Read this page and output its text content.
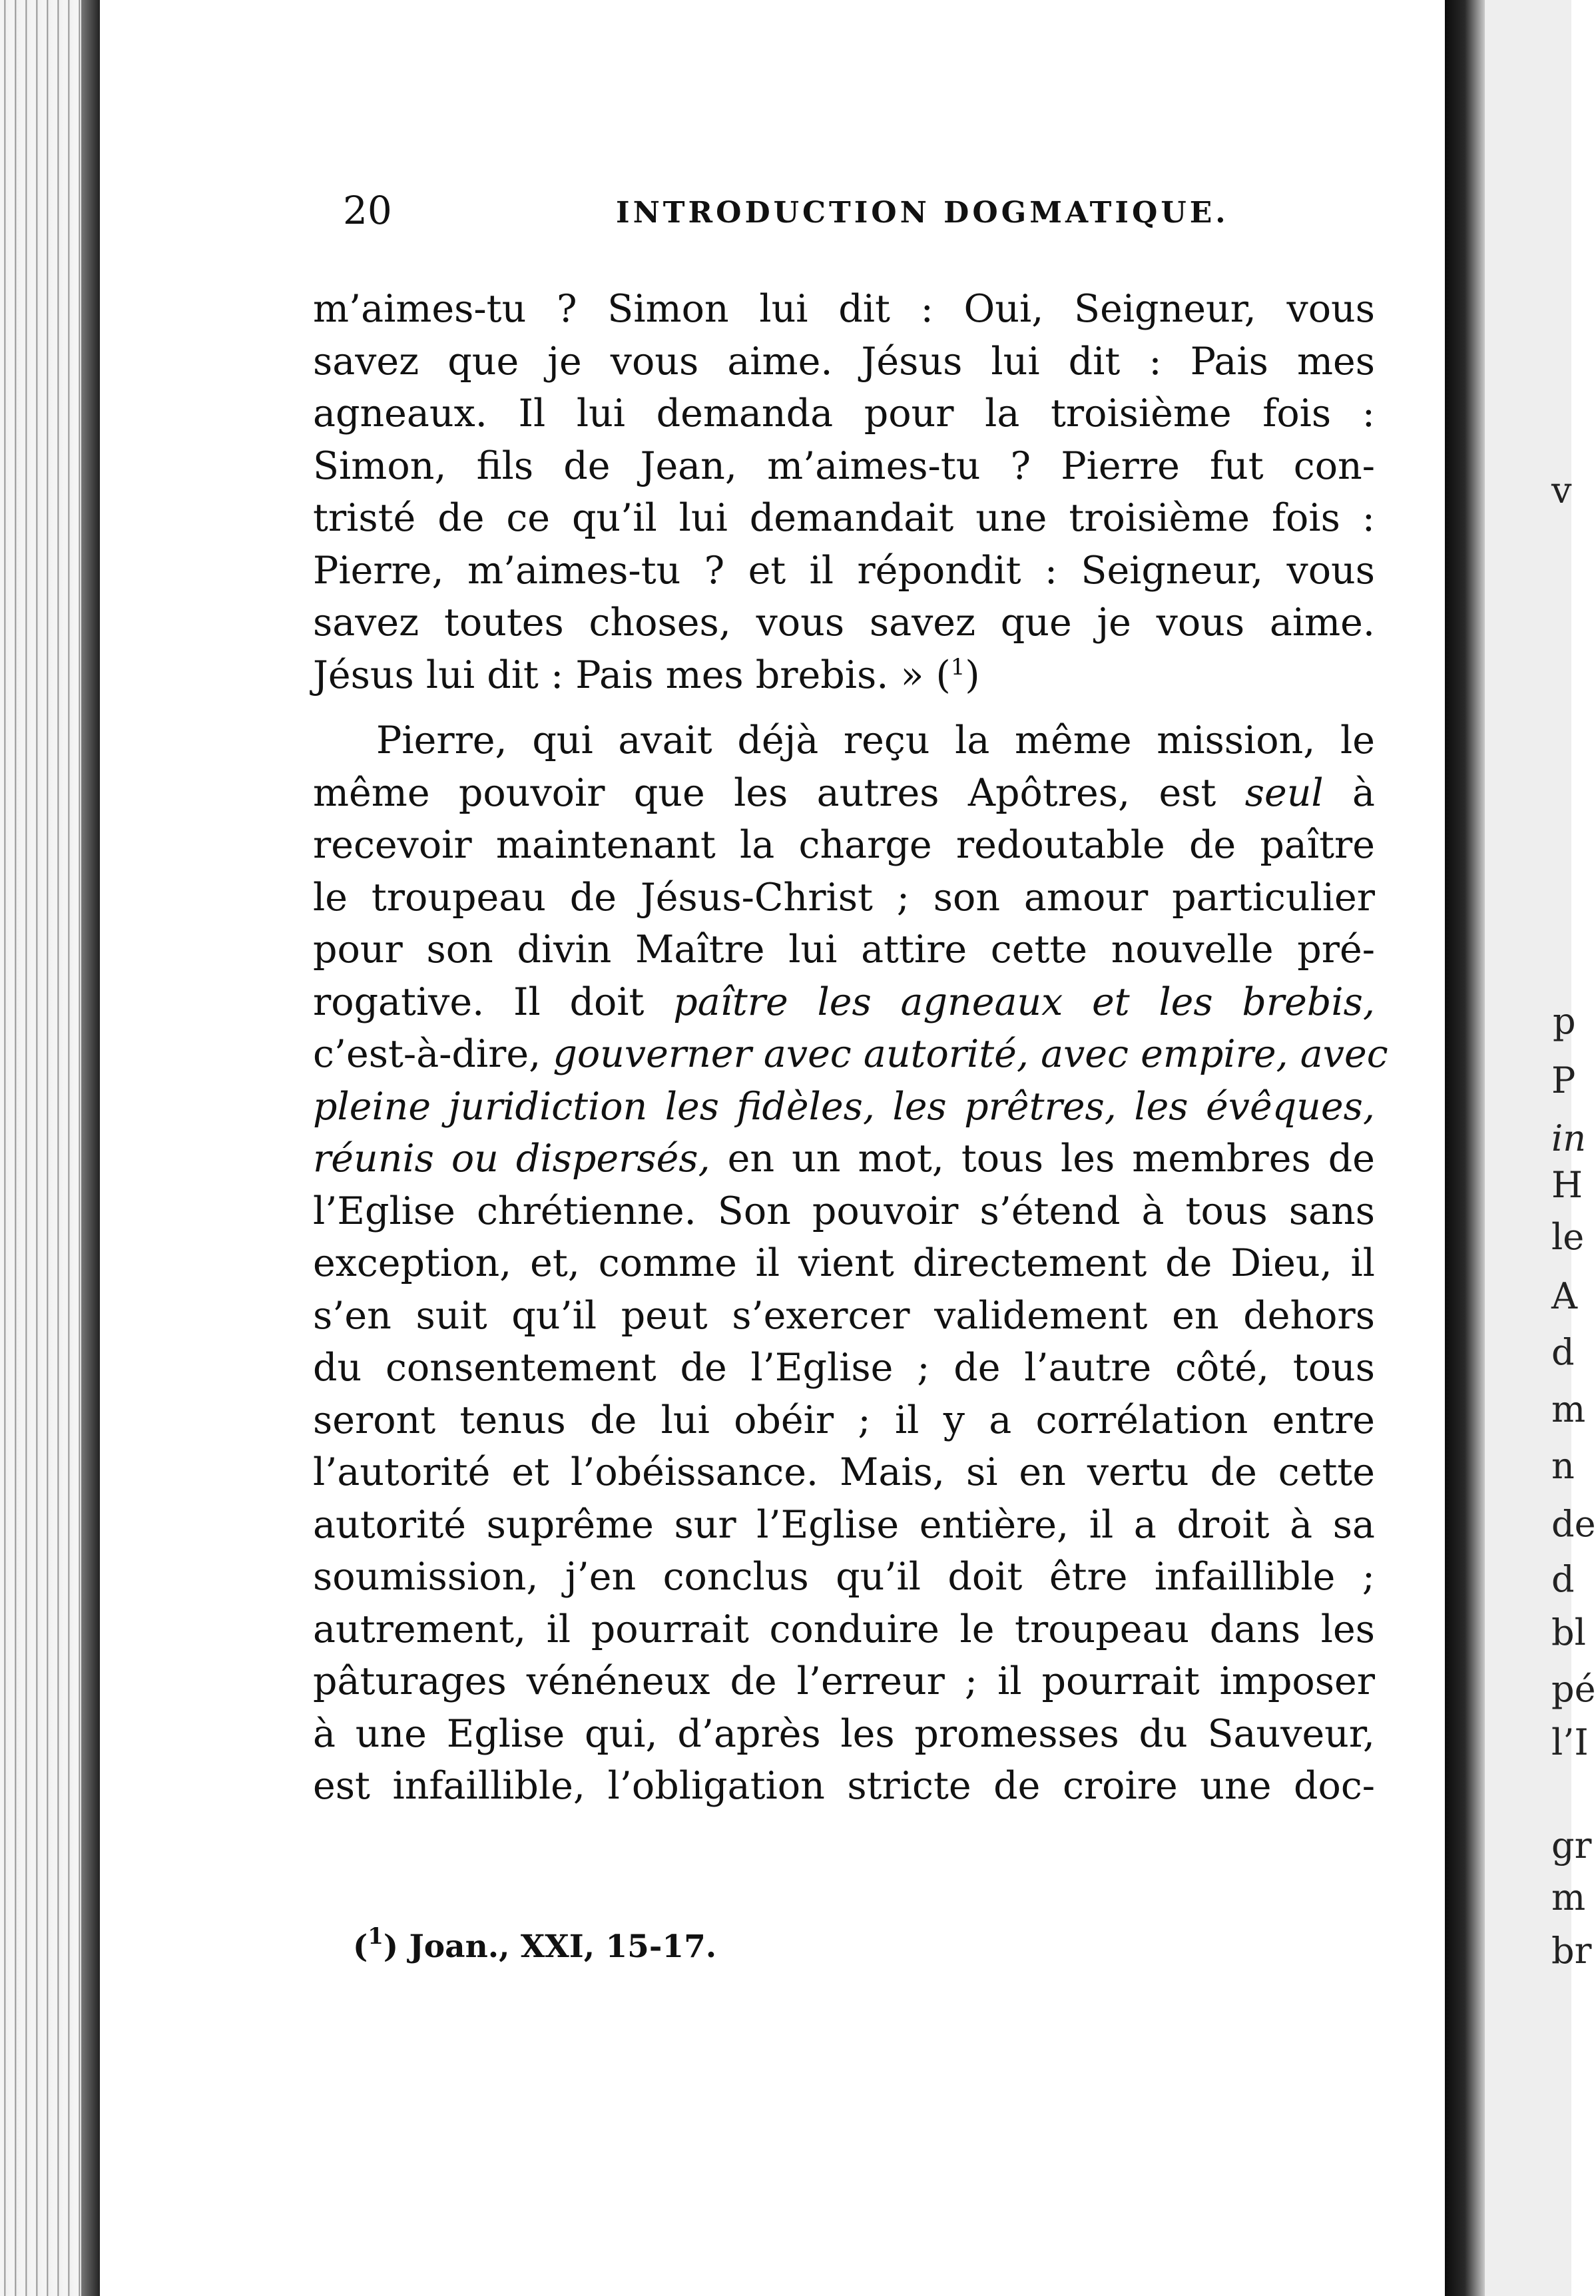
v
p
P
in
H
le
A
d
m
n
de
d
bl
pé
l’I
gr
m
br
20	INTRODUCTION DOGMATIQUE.
m’aimes-tu ? Simon lui dit : Oui, Seigneur, vous
savez que je vous aime. Jésus lui dit : Pais mes
agneaux. Il lui demanda pour la troisième fois :
Simon, fils de Jean, m’aimes-tu ? Pierre fut con-
tristé de ce qu’il lui demandait une troisième fois :
Pierre, m’aimes-tu ? et il répondit : Seigneur, vous
savez toutes choses, vous savez que je vous aime.
Jésus lui dit : Pais mes brebis. » ($^1$)
Pierre, qui avait déjà reçu la même mission, le
même pouvoir que les autres Apôtres, est seul à
recevoir maintenant la charge redoutable de paître
le troupeau de Jésus-Christ ; son amour particulier
pour son divin Maître lui attire cette nouvelle pré-
rogative. Il doit paître les agneaux et les brebis,
c’est-à-dire, gouverner avec autorité, avec empire, avec
pleine juridiction les fidèles, les prêtres, les évêques,
réunis ou dispersés, en un mot, tous les membres de
l’Eglise chrétienne. Son pouvoir s’étend à tous sans
exception, et, comme il vient directement de Dieu, il
s’en suit qu’il peut s’exercer validement en dehors
du consentement de l’Eglise ; de l’autre côté, tous
seront tenus de lui obéir ; il y a corrélation entre
l’autorité et l’obéissance. Mais, si en vertu de cette
autorité suprême sur l’Eglise entière, il a droit à sa
soumission, j’en conclus qu’il doit être infaillible ;
autrement, il pourrait conduire le troupeau dans les
pâturages vénéneux de l’erreur ; il pourrait imposer
à une Eglise qui, d’après les promesses du Sauveur,
est infaillible, l’obligation stricte de croire une doc-
($^1$) Joan., XXI, 15-17.
